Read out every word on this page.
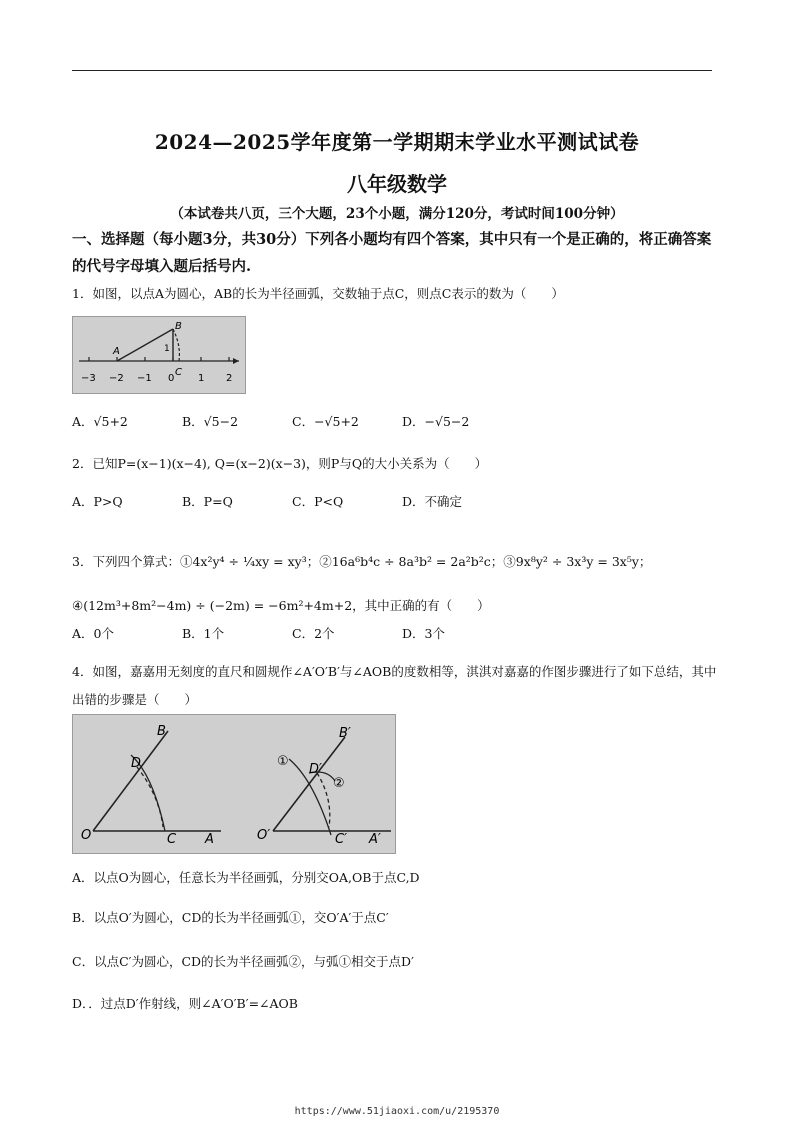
2024—2025学年度第一学期期末学业水平测试试卷
八年级数学
（本试卷共八页，三个大题，23个小题，满分120分，考试时间100分钟）
一、选择题（每小题3分，共30分）下列各小题均有四个答案，其中只有一个是正确的，将正确答案的代号字母填入题后括号内.
1．如图，以点A为圆心，AB的长为半径画弧，交数轴于点C，则点C表示的数为（　　）
A
B
C
1
−3 −2 −1 0 1 2
A．√5+2	B．√5−2	C．−√5+2	D．−√5−2
2．已知P=(x−1)(x−4), Q=(x−2)(x−3)，则P与Q的大小关系为（　　）
A．P>Q	B．P=Q	C．P<Q	D．不确定
3．下列四个算式：①4x²y⁴ ÷ ¼xy = xy³；②16a⁶b⁴c ÷ 8a³b² = 2a²b²c；③9x⁸y² ÷ 3x³y = 3x⁵y；
④(12m³+8m²−4m) ÷ (−2m) = −6m²+4m+2，其中正确的有（　　）
A．0个	B．1个	C．2个	D．3个
4．如图，嘉嘉用无刻度的直尺和圆规作∠A′O′B′与∠AOB的度数相等，淇淇对嘉嘉的作图步骤进行了如下总结，其中出错的步骤是（　　）
O	C A
D
B
O′	C′ A′
D′
B′
①
②
A．以点O为圆心，任意长为半径画弧，分别交OA,OB于点C,D
B．以点O′为圆心，CD的长为半径画弧①，交O′A′于点C′
C．以点C′为圆心，CD的长为半径画弧②，与弧①相交于点D′
D．．过点D′作射线，则∠A′O′B′=∠AOB
https://www.51jiaoxi.com/u/2195370
